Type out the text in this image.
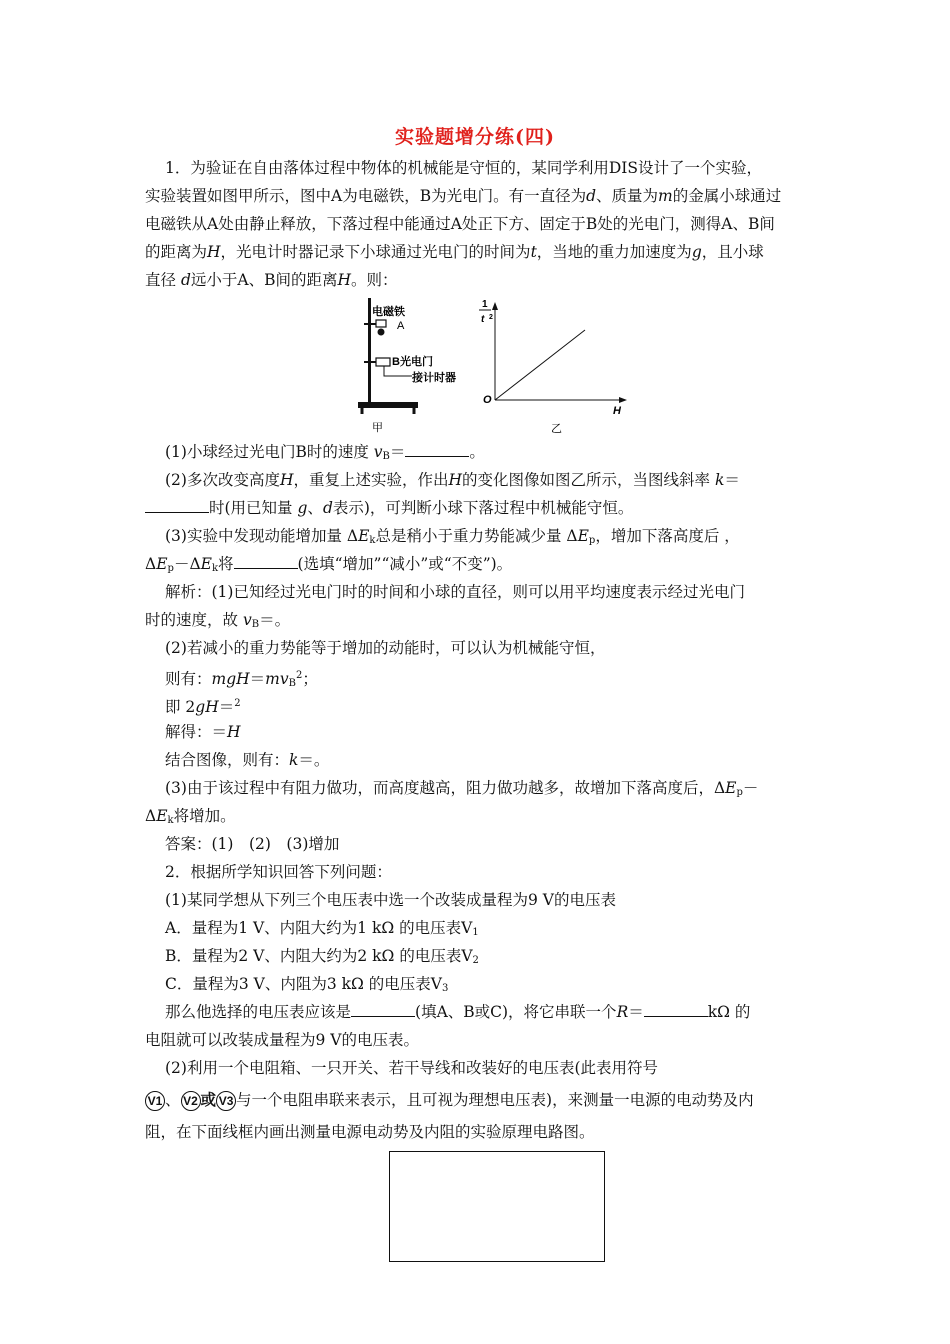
实验题增分练(四)
1．为验证在自由落体过程中物体的机械能是守恒的，某同学利用DIS设计了一个实验，
实验装置如图甲所示，图中A为电磁铁，B为光电门。有一直径为d、质量为m的金属小球通过
电磁铁从A处由静止释放，下落过程中能通过A处正下方、固定于B处的光电门，测得A、B间
的距离为H，光电计时器记录下小球通过光电门的时间为t，当地的重力加速度为g，且小球
直径 d远小于A、B间的距离H。则：
电磁铁
A
B光电门
接计时器
甲
1
t 2
O
H
乙
(1)小球经过光电门B时的速度 $v_B=$	。
(2)多次改变高度H，重复上述实验，作出H的变化图像如图乙所示，当图线斜率 k＝
时(用已知量 g、d表示)，可判断小球下落过程中机械能守恒。
(3)实验中发现动能增加量 $\Delta E_k$总是稍小于重力势能减少量 $\Delta E_p$，增加下落高度后 ，
$\Delta E_p-\Delta E_k$将	(选填“增加”“减小”或“不变”)。
解析：(1)已知经过光电门时的时间和小球的直径，则可以用平均速度表示经过光电门
时的速度，故 $v_B=$。
(2)若减小的重力势能等于增加的动能时，可以认为机械能守恒，
则有：$mgH=mv_B^2$；
即 2gH＝$^2$
解得：＝H
结合图像，则有：k＝。
(3)由于该过程中有阻力做功，而高度越高，阻力做功越多，故增加下落高度后，$\Delta E_p-$
$\Delta E_k$将增加。
答案：(1)　(2)　(3)增加
2．根据所学知识回答下列问题：
(1)某同学想从下列三个电压表中选一个改装成量程为9 V的电压表
A．量程为1 V、内阻大约为1 kΩ 的电压表$V_1$
B．量程为2 V、内阻大约为2 kΩ 的电压表$V_2$
C．量程为3 V、内阻为3 kΩ 的电压表$V_3$
那么他选择的电压表应该是	(填A、B或C)，将它串联一个R＝	kΩ 的
电阻就可以改装成量程为9 V的电压表。
(2)利用一个电阻箱、一只开关、若干导线和改装好的电压表(此表用符号
V1 、 V2 或 V3 与一个电阻串联来表示，且可视为理想电压表)，来测量一电源的电动势及内
阻，在下面线框内画出测量电源电动势及内阻的实验原理电路图。
